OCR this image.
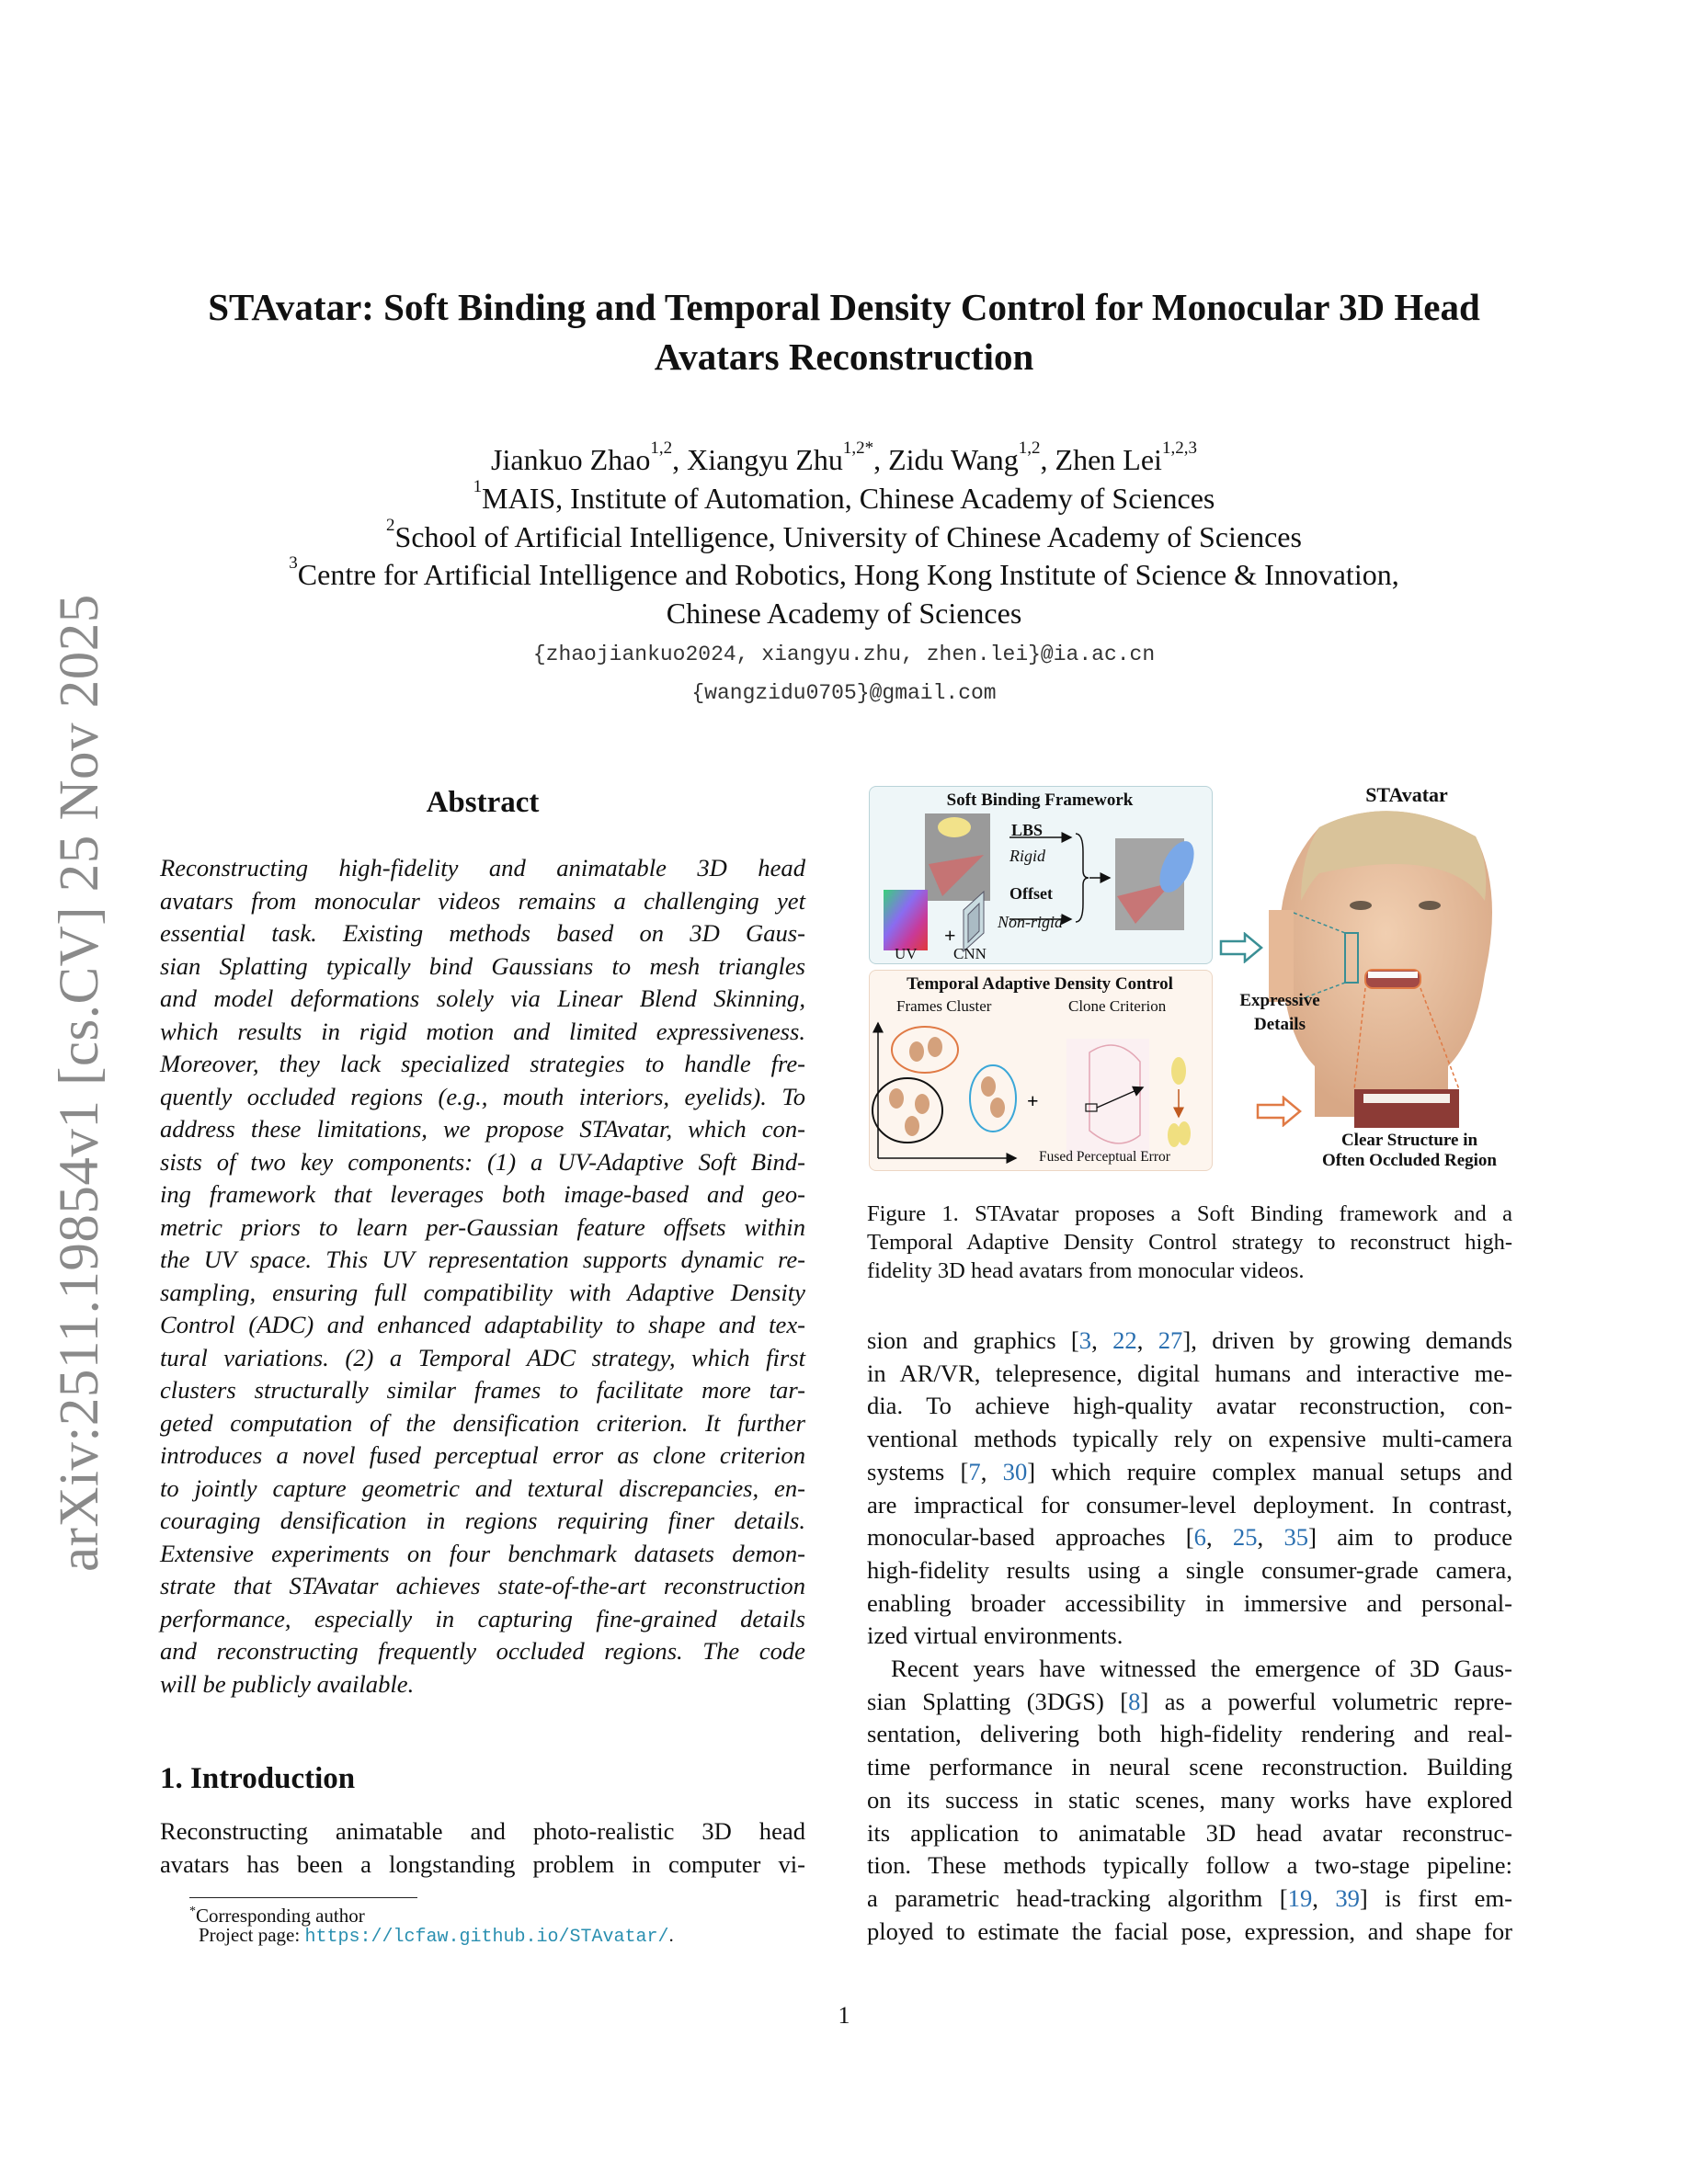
arXiv:2511.19854v1 [cs.CV] 25 Nov 2025
STAvatar: Soft Binding and Temporal Density Control for Monocular 3D Head
Avatars Reconstruction
Jiankuo Zhao$^{1,2}$, Xiangyu Zhu$^{1,2*}$, Zidu Wang$^{1,2}$, Zhen Lei$^{1,2,3}$
$^1$MAIS, Institute of Automation, Chinese Academy of Sciences
$^2$School of Artificial Intelligence, University of Chinese Academy of Sciences
$^3$Centre for Artificial Intelligence and Robotics, Hong Kong Institute of Science & Innovation,
Chinese Academy of Sciences
{zhaojiankuo2024, xiangyu.zhu, zhen.lei}@ia.ac.cn
{wangzidu0705}@gmail.com
Abstract
Reconstructing high-fidelity and animatable 3D head
avatars from monocular videos remains a challenging yet
essential task. Existing methods based on 3D Gaus-
sian Splatting typically bind Gaussians to mesh triangles
and model deformations solely via Linear Blend Skinning,
which results in rigid motion and limited expressiveness.
Moreover, they lack specialized strategies to handle fre-
quently occluded regions (e.g., mouth interiors, eyelids). To
address these limitations, we propose STAvatar, which con-
sists of two key components: (1) a UV-Adaptive Soft Bind-
ing framework that leverages both image-based and geo-
metric priors to learn per-Gaussian feature offsets within
the UV space. This UV representation supports dynamic re-
sampling, ensuring full compatibility with Adaptive Density
Control (ADC) and enhanced adaptability to shape and tex-
tural variations. (2) a Temporal ADC strategy, which first
clusters structurally similar frames to facilitate more tar-
geted computation of the densification criterion. It further
introduces a novel fused perceptual error as clone criterion
to jointly capture geometric and textural discrepancies, en-
couraging densification in regions requiring finer details.
Extensive experiments on four benchmark datasets demon-
strate that STAvatar achieves state-of-the-art reconstruction
performance, especially in capturing fine-grained details
and reconstructing frequently occluded regions. The code
will be publicly available.
1. Introduction
Reconstructing animatable and photo-realistic 3D head
avatars has been a longstanding problem in computer vi-
*Corresponding author
Project page: https://lcfaw.github.io/STAvatar/.
Soft Binding Framework
LBS
Rigid
Offset
Non-rigid
+
UV CNN
Temporal Adaptive Density Control
Frames Cluster	Clone Criterion
+
Fused Perceptual Error
STAvatar
Expressive
Details
Clear Structure in
Often Occluded Region
Figure 1. STAvatar proposes a Soft Binding framework and a
Temporal Adaptive Density Control strategy to reconstruct high-
fidelity 3D head avatars from monocular videos.
sion and graphics [3, 22, 27], driven by growing demands
in AR/VR, telepresence, digital humans and interactive me-
dia. To achieve high-quality avatar reconstruction, con-
ventional methods typically rely on expensive multi-camera
systems [7, 30] which require complex manual setups and
are impractical for consumer-level deployment. In contrast,
monocular-based approaches [6, 25, 35] aim to produce
high-fidelity results using a single consumer-grade camera,
enabling broader accessibility in immersive and personal-
ized virtual environments.
Recent years have witnessed the emergence of 3D Gaus-
sian Splatting (3DGS) [8] as a powerful volumetric repre-
sentation, delivering both high-fidelity rendering and real-
time performance in neural scene reconstruction. Building
on its success in static scenes, many works have explored
its application to animatable 3D head avatar reconstruc-
tion. These methods typically follow a two-stage pipeline:
a parametric head-tracking algorithm [19, 39] is first em-
ployed to estimate the facial pose, expression, and shape for
1
